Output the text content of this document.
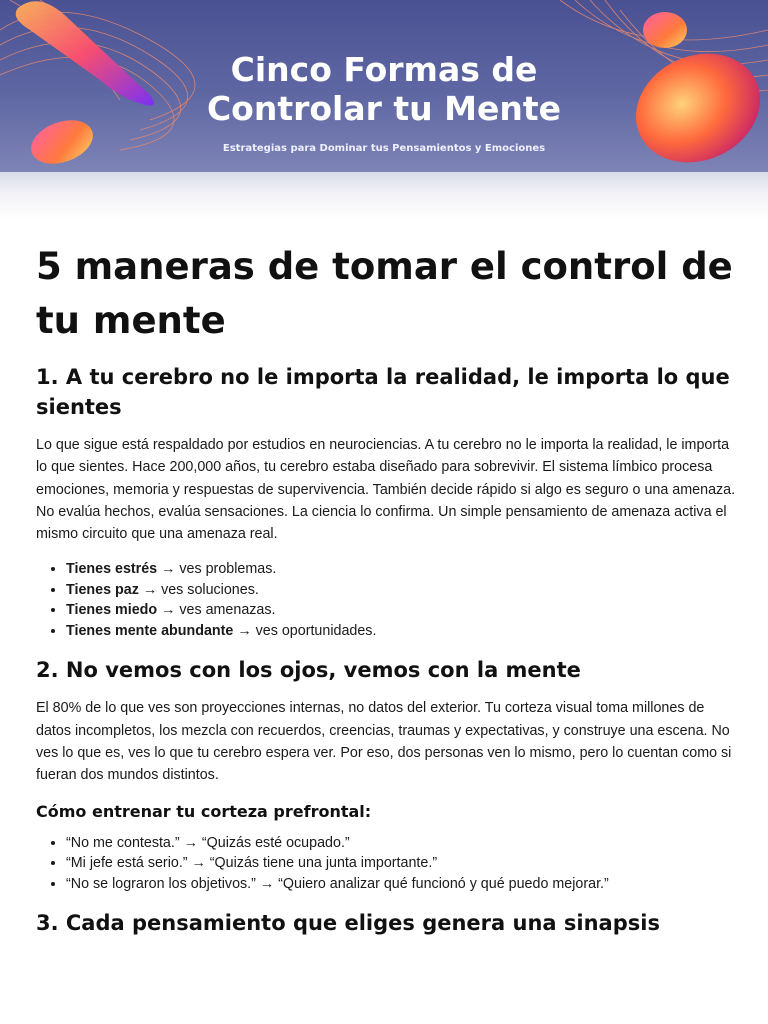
Cinco Formas de
Controlar tu Mente

Estrategias para Dominar tus Pensamientos y Emociones

5 maneras de tomar el control de tu mente
1. A tu cerebro no le importa la realidad, le importa lo que sientes

Lo que sigue está respaldado por estudios en neurociencias. A tu cerebro no le importa la realidad, le importa lo que sientes. Hace 200,000 años, tu cerebro estaba diseñado para sobrevivir. El sistema límbico procesa emociones, memoria y respuestas de supervivencia. También decide rápido si algo es seguro o una amenaza. No evalúa hechos, evalúa sensaciones. La ciencia lo confirma. Un simple pensamiento de amenaza activa el mismo circuito que una amenaza real.

• Tienes estrés → ves problemas.
• Tienes paz → ves soluciones.
• Tienes miedo → ves amenazas.
• Tienes mente abundante → ves oportunidades.
2. No vemos con los ojos, vemos con la mente

El 80% de lo que ves son proyecciones internas, no datos del exterior. Tu corteza visual toma millones de datos incompletos, los mezcla con recuerdos, creencias, traumas y expectativas, y construye una escena. No ves lo que es, ves lo que tu cerebro espera ver. Por eso, dos personas ven lo mismo, pero lo cuentan como si fueran dos mundos distintos.

Cómo entrenar tu corteza prefrontal:
• “No me contesta.” → “Quizás esté ocupado.”
• “Mi jefe está serio.” → “Quizás tiene una junta importante.”
• “No se lograron los objetivos.” → “Quiero analizar qué funcionó y qué puedo mejorar.”
3. Cada pensamiento que eliges genera una sinapsis
